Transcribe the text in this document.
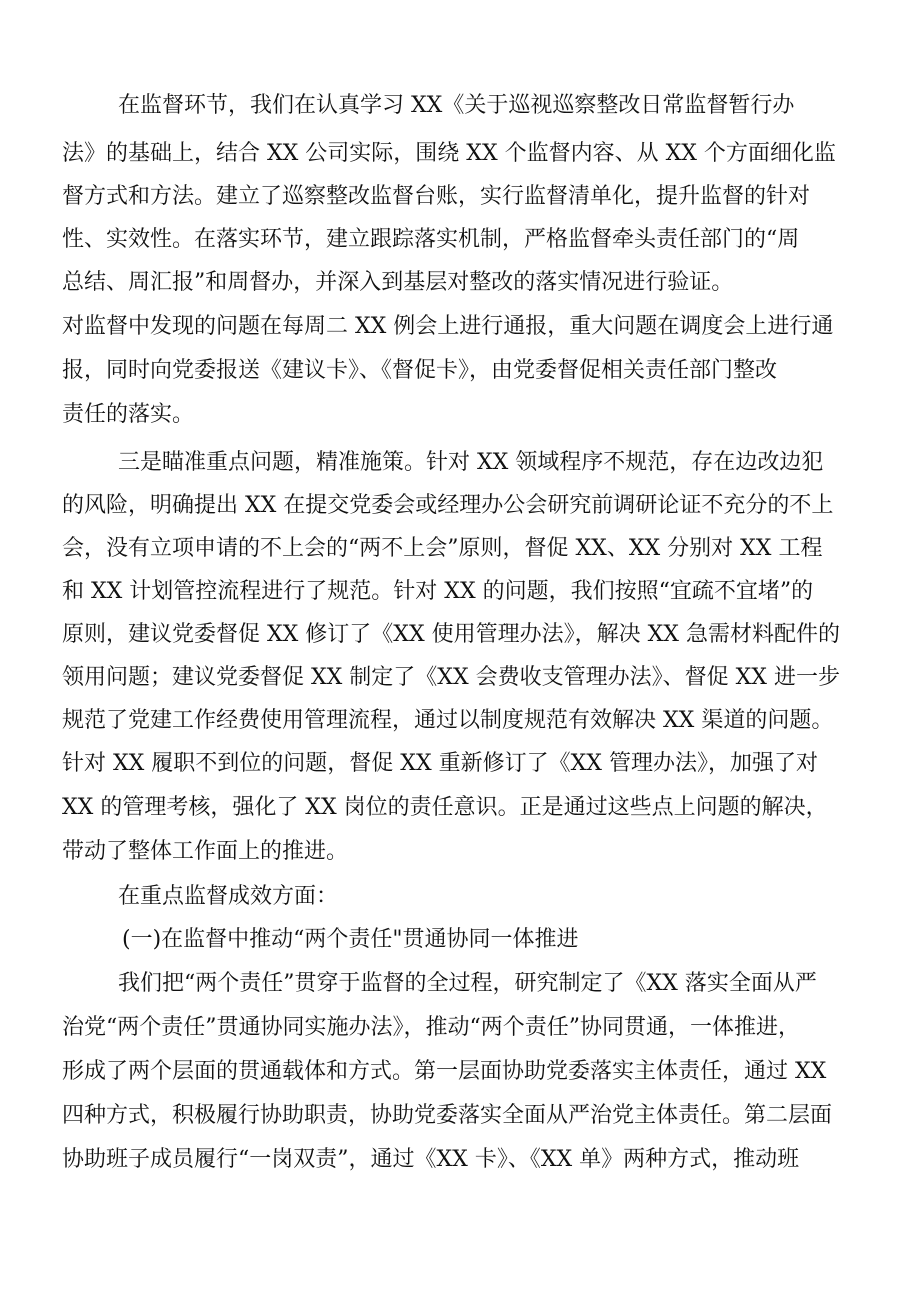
在监督环节，我们在认真学习 XX《关于巡视巡察整改日常监督暂行办

法》的基础上，结合 XX 公司实际，围绕 XX 个监督内容、从 XX 个方面细化监

督方式和方法。建立了巡察整改监督台账，实行监督清单化，提升监督的针对

性、实效性。在落实环节，建立跟踪落实机制，严格监督牵头责任部门的“周

总结、周汇报”和周督办，并深入到基层对整改的落实情况进行验证。

对监督中发现的问题在每周二 XX 例会上进行通报，重大问题在调度会上进行通

报，同时向党委报送《建议卡》、《督促卡》，由党委督促相关责任部门整改

责任的落实。

三是瞄准重点问题，精准施策。针对 XX 领域程序不规范，存在边改边犯

的风险，明确提出 XX 在提交党委会或经理办公会研究前调研论证不充分的不上

会，没有立项申请的不上会的“两不上会”原则，督促 XX、XX 分别对 XX 工程

和 XX 计划管控流程进行了规范。针对 XX 的问题，我们按照“宜疏不宜堵”的

原则，建议党委督促 XX 修订了《XX 使用管理办法》，解决 XX 急需材料配件的

领用问题；建议党委督促 XX 制定了《XX 会费收支管理办法》、督促 XX 进一步

规范了党建工作经费使用管理流程，通过以制度规范有效解决 XX 渠道的问题。

针对 XX 履职不到位的问题，督促 XX 重新修订了《XX 管理办法》，加强了对

XX 的管理考核，强化了 XX 岗位的责任意识。正是通过这些点上问题的解决，

带动了整体工作面上的推进。

在重点监督成效方面：

(一)在监督中推动“两个责任"贯通协同一体推进

我们把“两个责任”贯穿于监督的全过程，研究制定了《XX 落实全面从严

治党“两个责任”贯通协同实施办法》，推动“两个责任”协同贯通，一体推进，

形成了两个层面的贯通载体和方式。第一层面协助党委落实主体责任，通过 XX

四种方式，积极履行协助职责，协助党委落实全面从严治党主体责任。第二层面

协助班子成员履行“一岗双责”，通过《XX 卡》、《XX 单》两种方式，推动班
